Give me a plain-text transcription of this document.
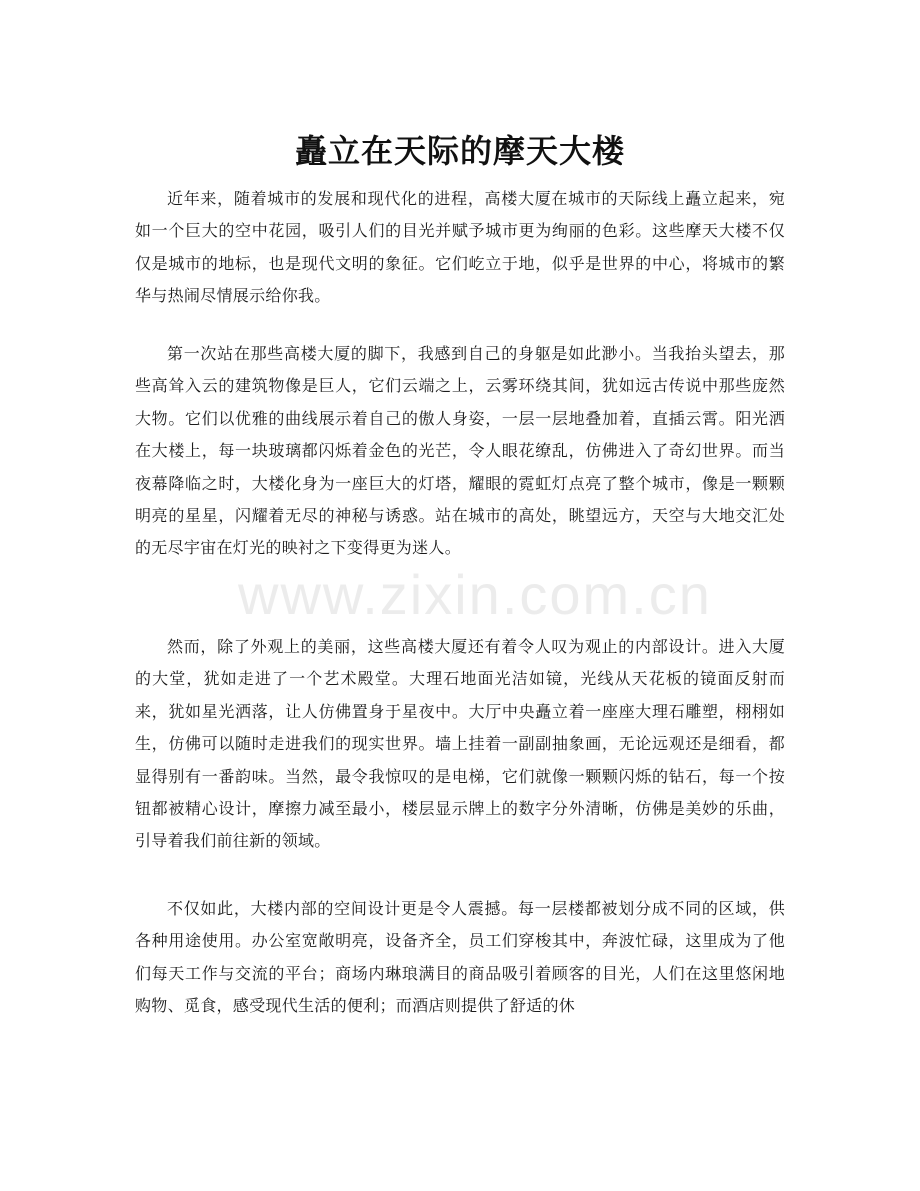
矗立在天际的摩天大楼
www.zixin.com.cn

近年来，随着城市的发展和现代化的进程，高楼大厦在城市的天际线上矗立起来，宛如一个巨大的空中花园，吸引人们的目光并赋予城市更为绚丽的色彩。这些摩天大楼不仅仅是城市的地标，也是现代文明的象征。它们屹立于地，似乎是世界的中心，将城市的繁华与热闹尽情展示给你我。

第一次站在那些高楼大厦的脚下，我感到自己的身躯是如此渺小。当我抬头望去，那些高耸入云的建筑物像是巨人，它们云端之上，云雾环绕其间，犹如远古传说中那些庞然大物。它们以优雅的曲线展示着自己的傲人身姿，一层一层地叠加着，直插云霄。阳光洒在大楼上，每一块玻璃都闪烁着金色的光芒，令人眼花缭乱，仿佛进入了奇幻世界。而当夜幕降临之时，大楼化身为一座巨大的灯塔，耀眼的霓虹灯点亮了整个城市，像是一颗颗明亮的星星，闪耀着无尽的神秘与诱惑。站在城市的高处，眺望远方，天空与大地交汇处的无尽宇宙在灯光的映衬之下变得更为迷人。

然而，除了外观上的美丽，这些高楼大厦还有着令人叹为观止的内部设计。进入大厦的大堂，犹如走进了一个艺术殿堂。大理石地面光洁如镜，光线从天花板的镜面反射而来，犹如星光洒落，让人仿佛置身于星夜中。大厅中央矗立着一座座大理石雕塑，栩栩如生，仿佛可以随时走进我们的现实世界。墙上挂着一副副抽象画，无论远观还是细看，都显得别有一番韵味。当然，最令我惊叹的是电梯，它们就像一颗颗闪烁的钻石，每一个按钮都被精心设计，摩擦力减至最小，楼层显示牌上的数字分外清晰，仿佛是美妙的乐曲，引导着我们前往新的领域。

不仅如此，大楼内部的空间设计更是令人震撼。每一层楼都被划分成不同的区域，供各种用途使用。办公室宽敞明亮，设备齐全，员工们穿梭其中，奔波忙碌，这里成为了他们每天工作与交流的平台；商场内琳琅满目的商品吸引着顾客的目光，人们在这里悠闲地购物、觅食，感受现代生活的便利；而酒店则提供了舒适的休
